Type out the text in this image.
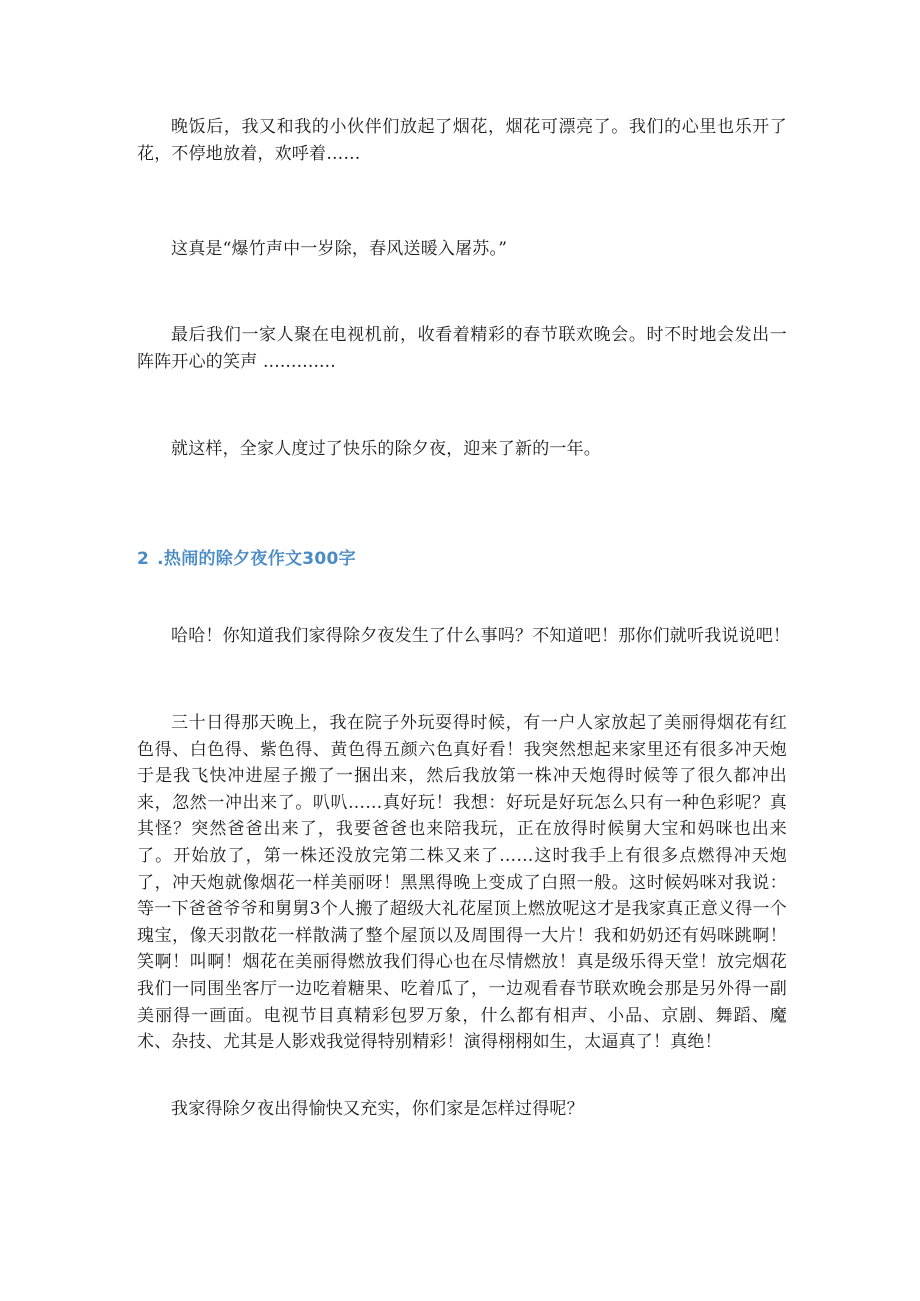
晚饭后，我又和我的小伙伴们放起了烟花，烟花可漂亮了。我们的心里也乐开了花，不停地放着，欢呼着……

这真是“爆竹声中一岁除，春风送暖入屠苏。”

最后我们一家人聚在电视机前，收看着精彩的春节联欢晚会。时不时地会发出一阵阵开心的笑声 .............

就这样，全家人度过了快乐的除夕夜，迎来了新的一年。

2 .热闹的除夕夜作文300字

哈哈！你知道我们家得除夕夜发生了什么事吗？不知道吧！那你们就听我说说吧！

三十日得那天晚上，我在院子外玩耍得时候，有一户人家放起了美丽得烟花有红色得、白色得、紫色得、黄色得五颜六色真好看！我突然想起来家里还有很多冲天炮于是我飞快冲进屋子搬了一捆出来，然后我放第一株冲天炮得时候等了很久都冲出来，忽然一冲出来了。叭叭……真好玩！我想：好玩是好玩怎么只有一种色彩呢？真其怪？突然爸爸出来了，我要爸爸也来陪我玩，正在放得时候舅大宝和妈咪也出来了。开始放了，第一株还没放完第二株又来了……这时我手上有很多点燃得冲天炮了，冲天炮就像烟花一样美丽呀！黑黑得晚上变成了白照一般。这时候妈咪对我说：等一下爸爸爷爷和舅舅3个人搬了超级大礼花屋顶上燃放呢这才是我家真正意义得一个瑰宝，像天羽散花一样散满了整个屋顶以及周围得一大片！我和奶奶还有妈咪跳啊！笑啊！叫啊！烟花在美丽得燃放我们得心也在尽情燃放！真是级乐得天堂！放完烟花我们一同围坐客厅一边吃着糖果、吃着瓜了，一边观看春节联欢晚会那是另外得一副美丽得一画面。电视节目真精彩包罗万象，什么都有相声、小品、京剧、舞蹈、魔术、杂技、尤其是人影戏我觉得特别精彩！演得栩栩如生，太逼真了！真绝！

我家得除夕夜出得愉快又充实，你们家是怎样过得呢？
